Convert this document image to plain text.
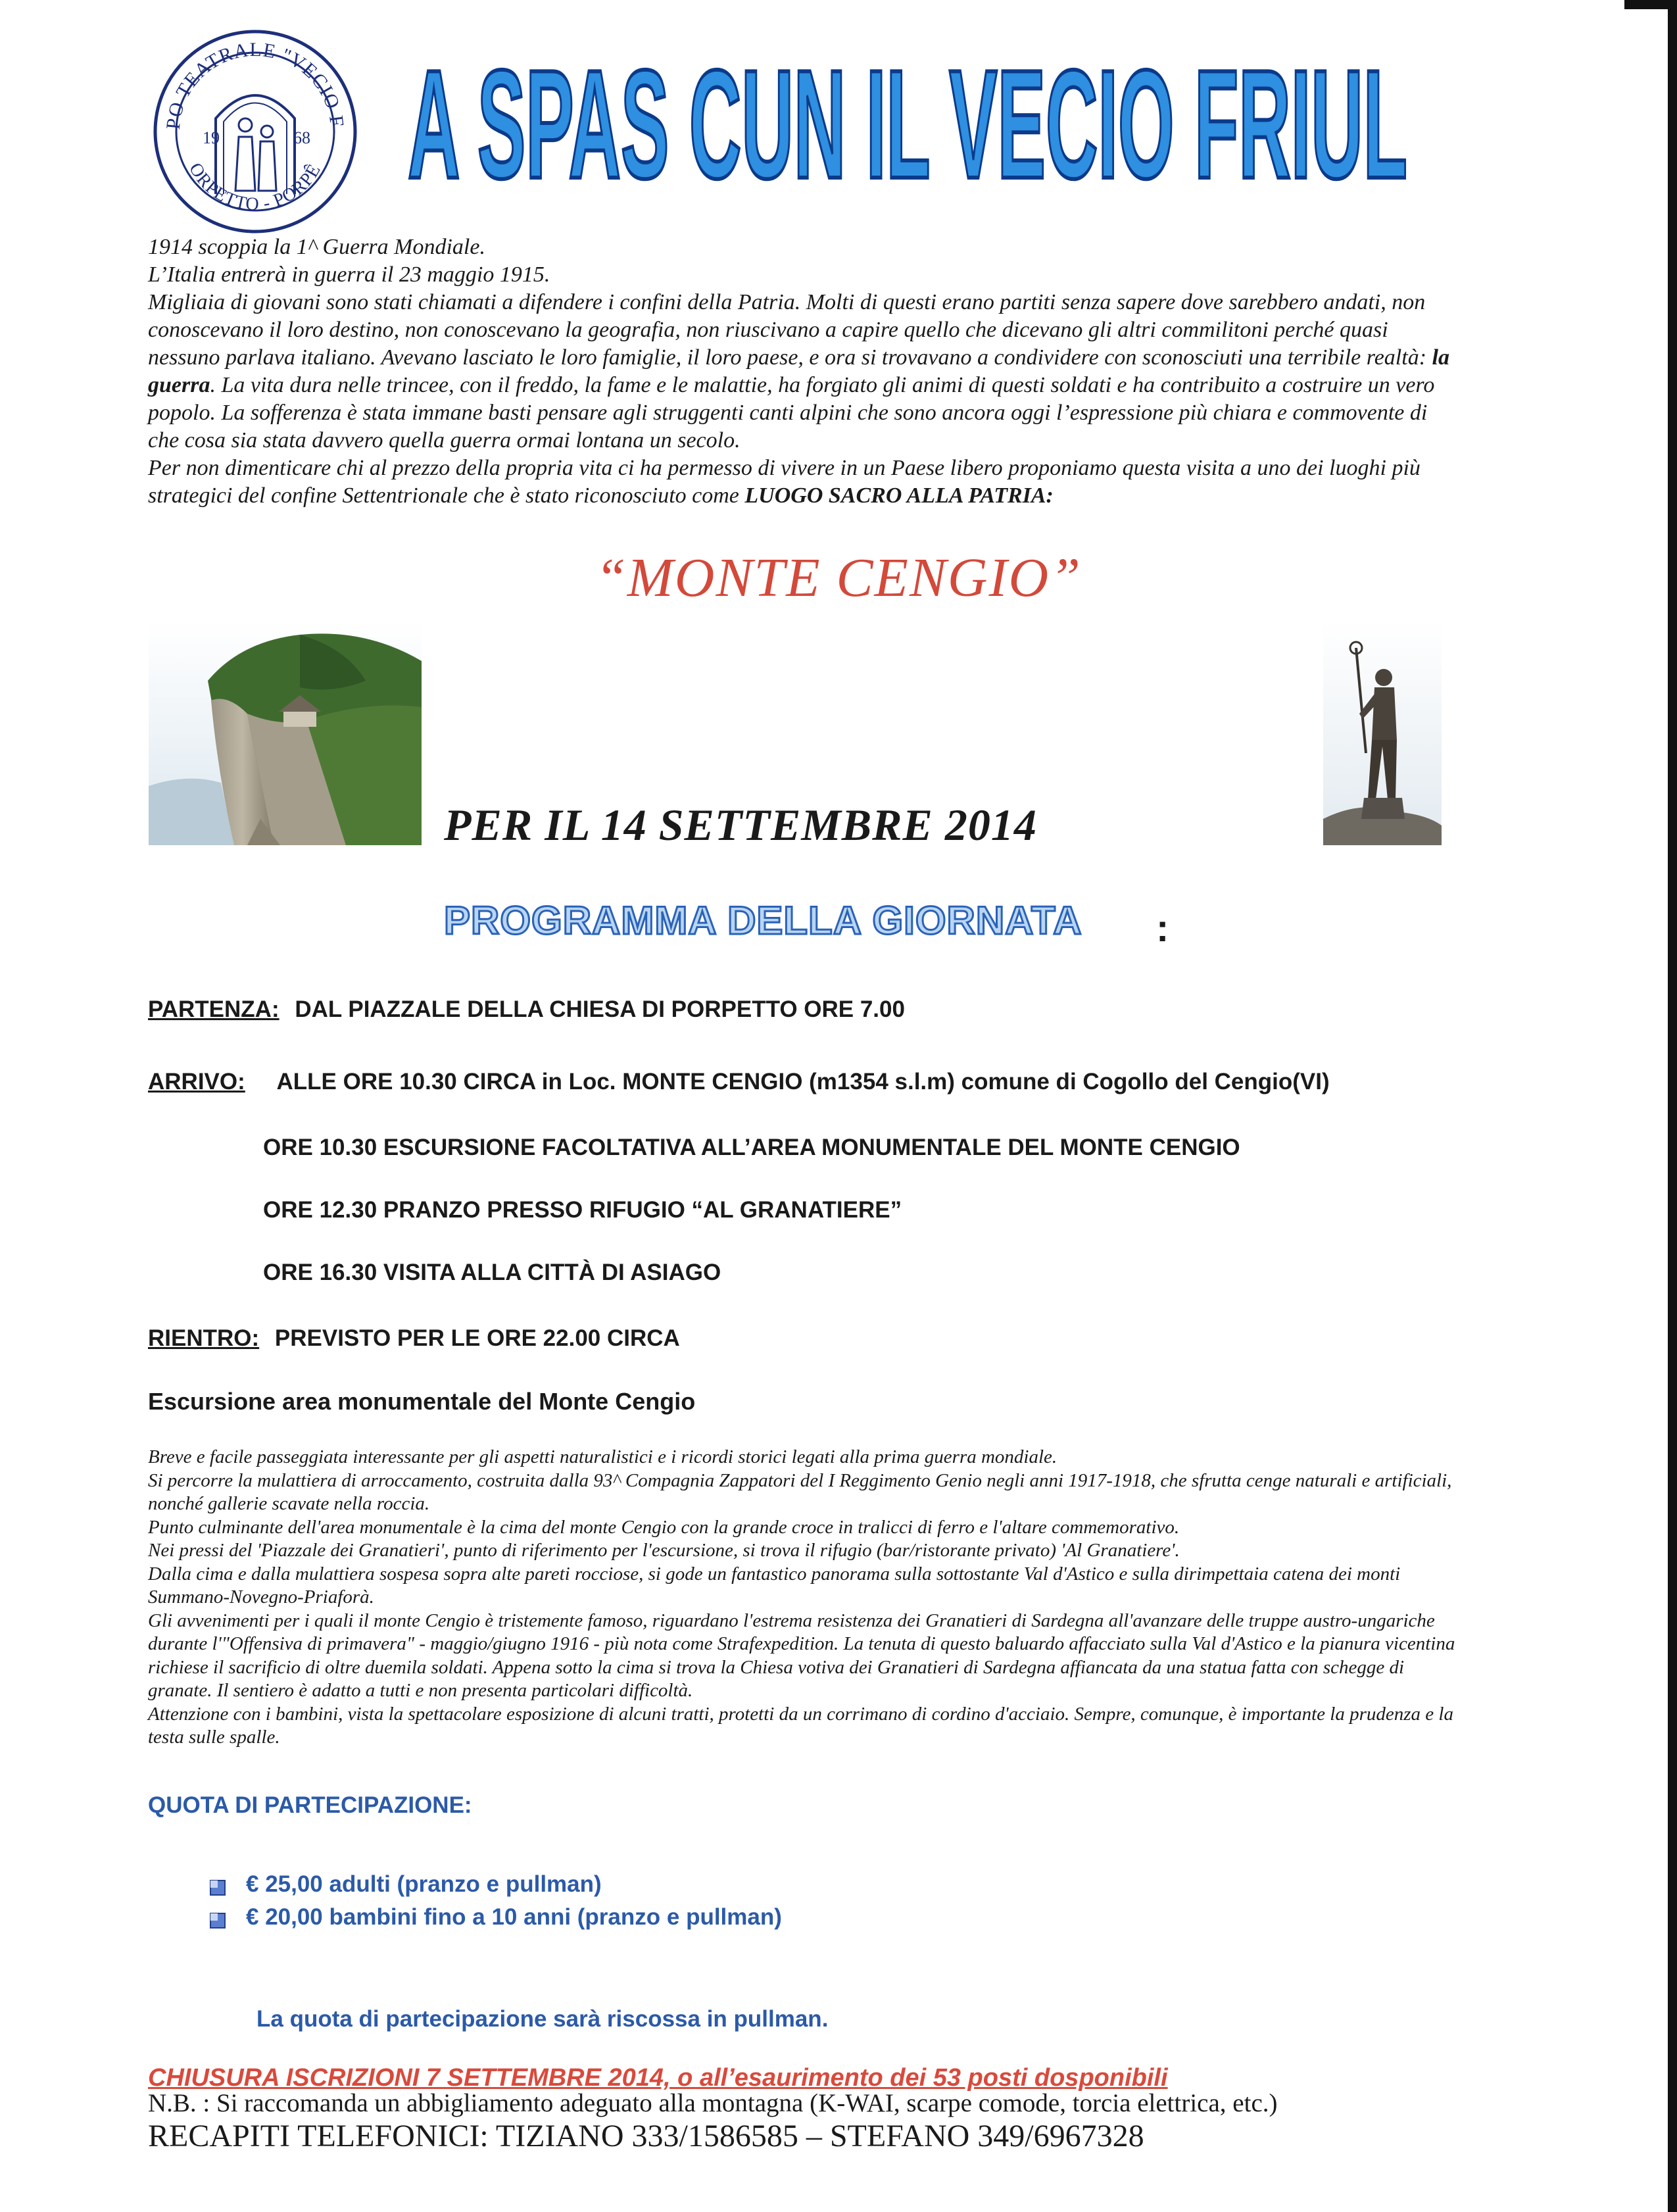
PO TEATRALE "VECIO F
ORPETTO - PORPÊ
19	68 A SPAS CUN IL VECIO FRIUL

1914 scoppia la 1^ Guerra Mondiale.

L’Italia entrerà in guerra il 23 maggio 1915.

Migliaia di giovani sono stati chiamati a difendere i confini della Patria. Molti di questi erano partiti senza sapere dove sarebbero andati, non conoscevano il loro destino, non conoscevano la geografia, non riuscivano a capire quello che dicevano gli altri commilitoni perché quasi nessuno parlava italiano. Avevano lasciato le loro famiglie, il loro paese, e ora si trovavano a condividere con sconosciuti una terribile realtà: la guerra. La vita dura nelle trincee, con il freddo, la fame e le malattie, ha forgiato gli animi di questi soldati e ha contribuito a costruire un vero popolo. La sofferenza è stata immane basti pensare agli struggenti canti alpini che sono ancora oggi l’espressione più chiara e commovente di che cosa sia stata davvero quella guerra ormai lontana un secolo.

Per non dimenticare chi al prezzo della propria vita ci ha permesso di vivere in un Paese libero proponiamo questa visita a uno dei luoghi più strategici del confine Settentrionale che è stato riconosciuto come LUOGO SACRO ALLA PATRIA:

“MONTE CENGIO”
PER IL 14 SETTEMBRE 2014
PROGRAMMA DELLA GIORNATA :
PARTENZA: DAL PIAZZALE DELLA CHIESA DI PORPETTO ORE 7.00
ARRIVO: ALLE ORE 10.30 CIRCA in Loc. MONTE CENGIO (m1354 s.l.m) comune di Cogollo del Cengio(VI)
ORE 10.30 ESCURSIONE FACOLTATIVA ALL’AREA MONUMENTALE DEL MONTE CENGIO
ORE 12.30 PRANZO PRESSO RIFUGIO “AL GRANATIERE”
ORE 16.30 VISITA ALLA CITTÀ DI ASIAGO
RIENTRO: PREVISTO PER LE ORE 22.00 CIRCA
Escursione area monumentale del Monte Cengio

Breve e facile passeggiata interessante per gli aspetti naturalistici e i ricordi storici legati alla prima guerra mondiale.

Si percorre la mulattiera di arroccamento, costruita dalla 93^ Compagnia Zappatori del I Reggimento Genio negli anni 1917-1918, che sfrutta cenge naturali e artificiali, nonché gallerie scavate nella roccia.

Punto culminante dell'area monumentale è la cima del monte Cengio con la grande croce in tralicci di ferro e l'altare commemorativo.

Nei pressi del 'Piazzale dei Granatieri', punto di riferimento per l'escursione, si trova il rifugio (bar/ristorante privato) 'Al Granatiere'.

Dalla cima e dalla mulattiera sospesa sopra alte pareti rocciose, si gode un fantastico panorama sulla sottostante Val d'Astico e sulla dirimpettaia catena dei monti Summano-Novegno-Priaforà.

Gli avvenimenti per i quali il monte Cengio è tristemente famoso, riguardano l'estrema resistenza dei Granatieri di Sardegna all'avanzare delle truppe austro-ungariche durante l'"Offensiva di primavera" - maggio/giugno 1916 - più nota come Strafexpedition. La tenuta di questo baluardo affacciato sulla Val d'Astico e la pianura vicentina richiese il sacrificio di oltre duemila soldati. Appena sotto la cima si trova la Chiesa votiva dei Granatieri di Sardegna affiancata da una statua fatta con schegge di granate. Il sentiero è adatto a tutti e non presenta particolari difficoltà.

Attenzione con i bambini, vista la spettacolare esposizione di alcuni tratti, protetti da un corrimano di cordino d'acciaio. Sempre, comunque, è importante la prudenza e la testa sulle spalle.

QUOTA DI PARTECIPAZIONE:
€ 25,00 adulti (pranzo e pullman)
€ 20,00 bambini fino a 10 anni (pranzo e pullman)
La quota di partecipazione sarà riscossa in pullman.
CHIUSURA ISCRIZIONI 7 SETTEMBRE 2014, o all’esaurimento dei 53 posti dosponibili
N.B. : Si raccomanda un abbigliamento adeguato alla montagna (K-WAI, scarpe comode, torcia elettrica, etc.)
RECAPITI TELEFONICI: TIZIANO 333/1586585 – STEFANO 349/6967328
